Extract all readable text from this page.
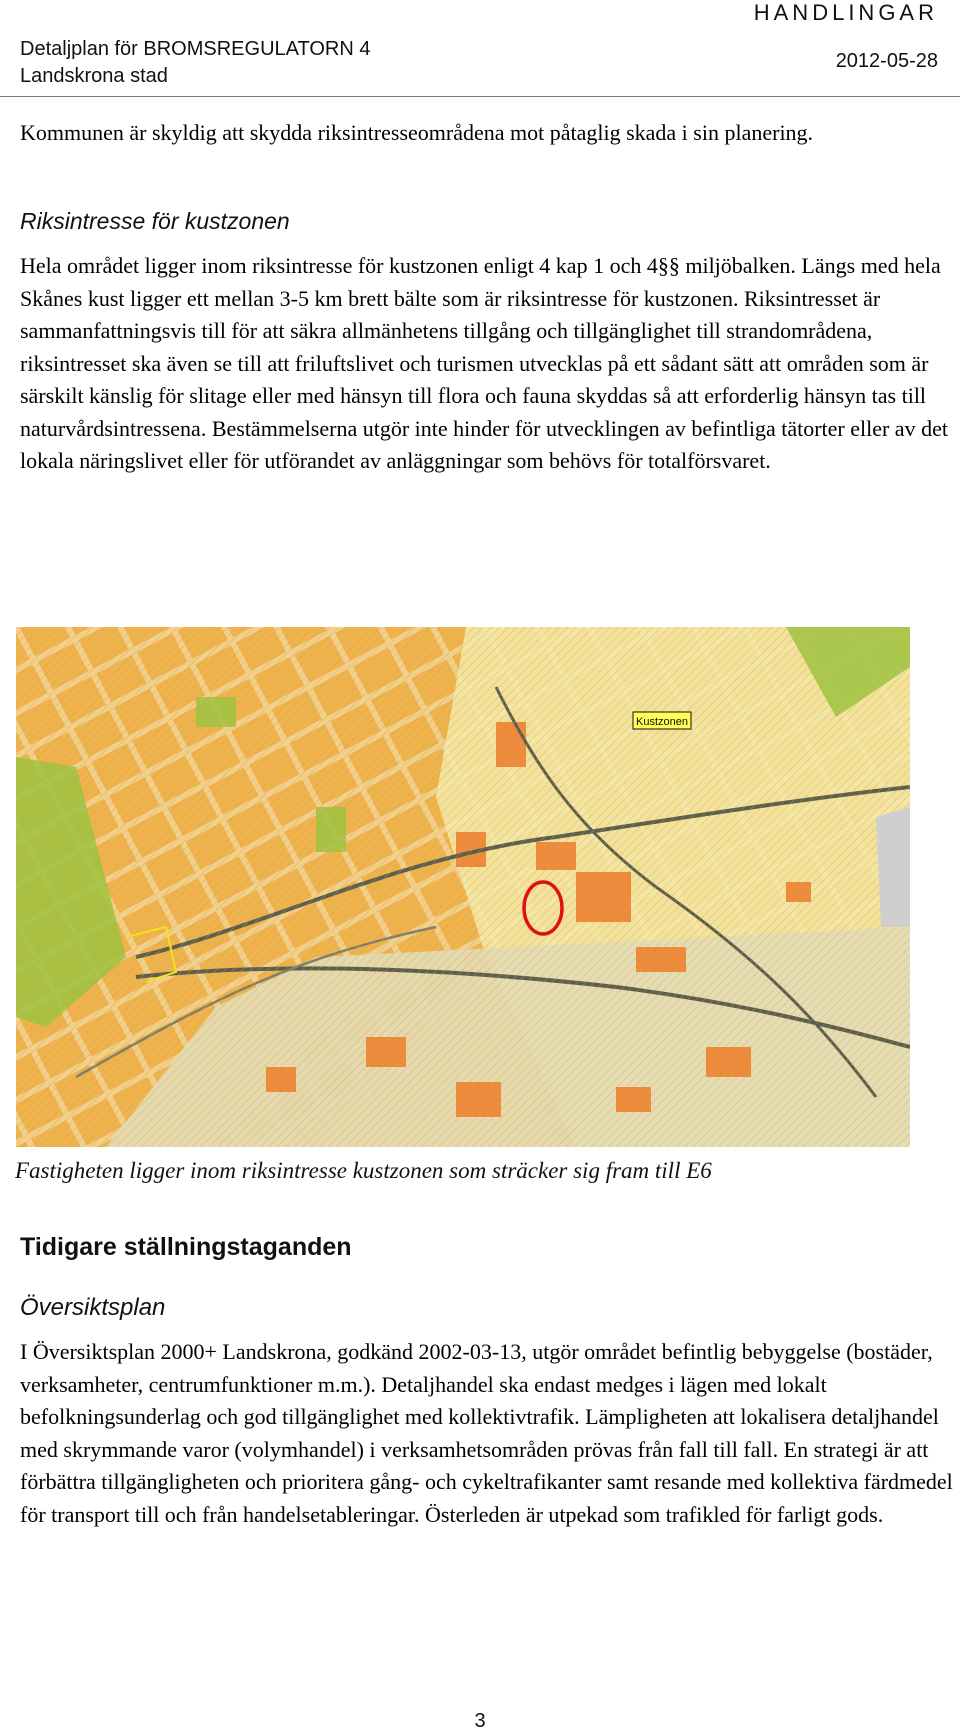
Detaljplan för BROMSREGULATORN 4
Landskrona stad
HANDLINGAR
2012-05-28

Kommunen är skyldig att skydda riksintresseområdena mot påtaglig skada i sin planering.

Riksintresse för kustzonen

Hela området ligger inom riksintresse för kustzonen enligt 4 kap 1 och 4§§ miljöbalken. Längs med hela Skånes kust ligger ett mellan 3-5 km brett bälte som är riksintresse för kustzonen. Riksintresset är sammanfattningsvis till för att säkra allmänhetens tillgång och tillgänglighet till strandområdena, riksintresset ska även se till att friluftslivet och turismen utvecklas på ett sådant sätt att områden som är särskilt känslig för slitage eller med hänsyn till flora och fauna skyddas så att erforderlig hänsyn tas till naturvårdsintressena. Bestämmelserna utgör inte hinder för utvecklingen av befintliga tätorter eller av det lokala näringslivet eller för utförandet av anläggningar som behövs för totalförsvaret.

Kustzonen
Fastigheten ligger inom riksintresse kustzonen som sträcker sig fram till E6
Tidigare ställningstaganden
Översiktsplan

I Översiktsplan 2000+ Landskrona, godkänd 2002-03-13, utgör området befintlig bebyggelse (bostäder, verksamheter, centrumfunktioner m.m.). Detaljhandel ska endast medges i lägen med lokalt befolkningsunderlag och god tillgänglighet med kollektivtrafik. Lämpligheten att lokalisera detaljhandel med skrymmande varor (volymhandel) i verksamhetsområden prövas från fall till fall. En strategi är att förbättra tillgängligheten och prioritera gång- och cykeltrafikanter samt resande med kollektiva färdmedel för transport till och från handelsetableringar. Österleden är utpekad som trafikled för farligt gods.

3
